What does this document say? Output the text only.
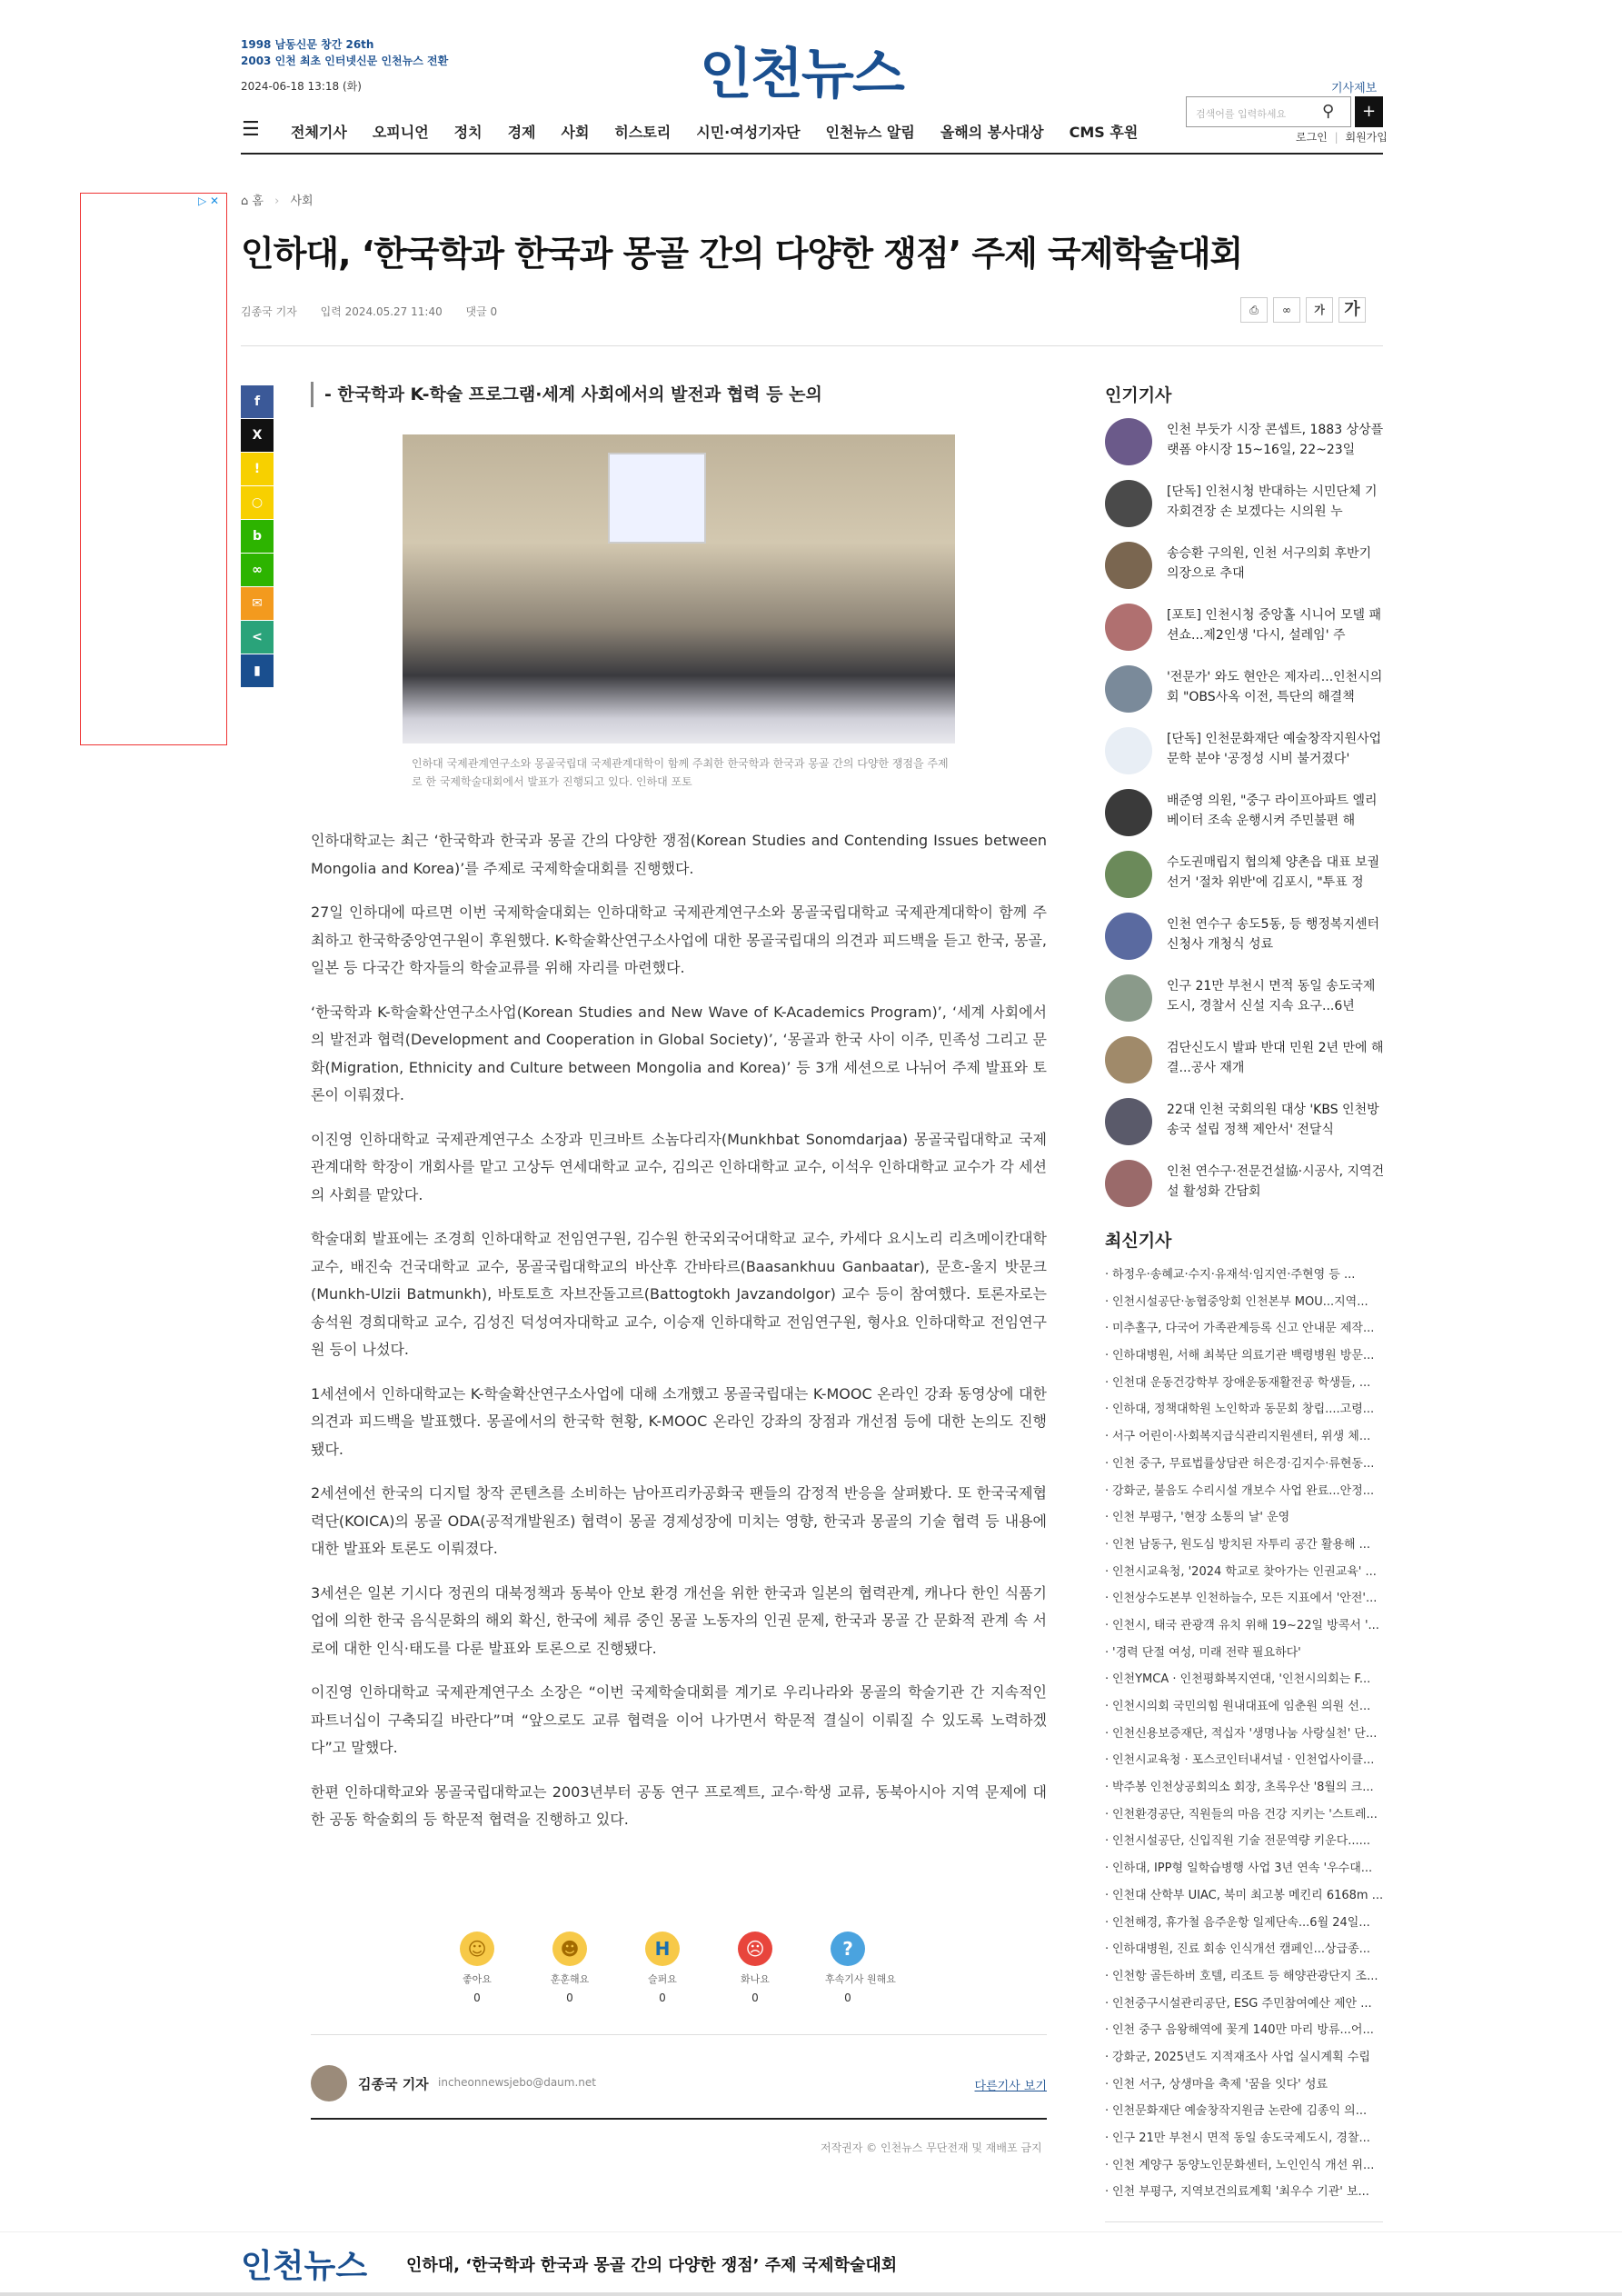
1998 남동신문 창간 26th
2003 인천 최초 인터넷신문 인천뉴스 전환
2024-06-18 13:18 (화)	인천뉴스	기사제보
검색어를 입력하세요	⚲	+
로그인 | 회원가입
☰ 전체기사 오피니언 정치 경제 사회 히스토리 시민·여성기자단 인천뉴스 알림 올해의 봉사대상 CMS 후원
▷ ✕ ⌂ 홈 › 사회
인하대, ‘한국학과 한국과 몽골 간의 다양한 쟁점’ 주제 국제학술대회
김종국 기자 입력 2024.05.27 11:40 댓글 0	⎙	∞	가	가
f
X
!
○
b
∞
✉
<
▮
- 한국학과 K-학술 프로그램·세계 사회에서의 발전과 협력 등 논의
인하대 국제관계연구소와 몽골국립대 국제관계대학이 함께 주최한 한국학과 한국과 몽골 간의 다양한 쟁점을 주제로 한 국제학술대회에서 발표가 진행되고 있다. 인하대 포토

인하대학교는 최근 ‘한국학과 한국과 몽골 간의 다양한 쟁점(Korean Studies and Contending Issues between Mongolia and Korea)’를 주제로 국제학술대회를 진행했다.

27일 인하대에 따르면 이번 국제학술대회는 인하대학교 국제관계연구소와 몽골국립대학교 국제관계대학이 함께 주최하고 한국학중앙연구원이 후원했다. K-학술확산연구소사업에 대한 몽골국립대의 의견과 피드백을 듣고 한국, 몽골, 일본 등 다국간 학자들의 학술교류를 위해 자리를 마련했다.

‘한국학과 K-학술확산연구소사업(Korean Studies and New Wave of K-Academics Program)’, ‘세계 사회에서의 발전과 협력(Development and Cooperation in Global Society)’, ‘몽골과 한국 사이 이주, 민족성 그리고 문화(Migration, Ethnicity and Culture between Mongolia and Korea)’ 등 3개 세션으로 나뉘어 주제 발표와 토론이 이뤄졌다.

이진영 인하대학교 국제관계연구소 소장과 민크바트 소놈다리자(Munkhbat Sonomdarjaa) 몽골국립대학교 국제관계대학 학장이 개회사를 맡고 고상두 연세대학교 교수, 김의곤 인하대학교 교수, 이석우 인하대학교 교수가 각 세션의 사회를 맡았다.

학술대회 발표에는 조경희 인하대학교 전임연구원, 김수원 한국외국어대학교 교수, 카세다 요시노리 리츠메이칸대학 교수, 배진숙 건국대학교 교수, 몽골국립대학교의 바산후 간바타르(Baasankhuu Ganbaatar), 문흐-울지 밧문크(Munkh-Ulzii Batmunkh), 바토토흐 자브잔돌고르(Battogtokh Javzandolgor) 교수 등이 참여했다. 토론자로는 송석원 경희대학교 교수, 김성진 덕성여자대학교 교수, 이승재 인하대학교 전임연구원, 형사요 인하대학교 전임연구원 등이 나섰다.

1세션에서 인하대학교는 K-학술확산연구소사업에 대해 소개했고 몽골국립대는 K-MOOC 온라인 강좌 동영상에 대한 의견과 피드백을 발표했다. 몽골에서의 한국학 현황, K-MOOC 온라인 강좌의 장점과 개선점 등에 대한 논의도 진행됐다.

2세션에선 한국의 디지털 창작 콘텐츠를 소비하는 남아프리카공화국 팬들의 감정적 반응을 살펴봤다. 또 한국국제협력단(KOICA)의 몽골 ODA(공적개발원조) 협력이 몽골 경제성장에 미치는 영향, 한국과 몽골의 기술 협력 등 내용에 대한 발표와 토론도 이뤄졌다.

3세션은 일본 기시다 정권의 대북정책과 동북아 안보 환경 개선을 위한 한국과 일본의 협력관계, 캐나다 한인 식품기업에 의한 한국 음식문화의 해외 확신, 한국에 체류 중인 몽골 노동자의 인권 문제, 한국과 몽골 간 문화적 관계 속 서로에 대한 인식·태도를 다룬 발표와 토론으로 진행됐다.

이진영 인하대학교 국제관계연구소 소장은 “이번 국제학술대회를 계기로 우리나라와 몽골의 학술기관 간 지속적인 파트너십이 구축되길 바란다”며 “앞으로도 교류 협력을 이어 나가면서 학문적 결실이 이뤄질 수 있도록 노력하겠다”고 말했다.

한편 인하대학교와 몽골국립대학교는 2003년부터 공동 연구 프로젝트, 교수·학생 교류, 동북아시아 지역 문제에 대한 공동 학술회의 등 학문적 협력을 진행하고 있다.

☺
좋아요
0
☻
훈훈해요
0
H
슬퍼요
0
☹
화나요
0
?
후속기사 원해요
0
김종국 기자 incheonnewsjebo@daum.net	다른기사 보기
저작권자 © 인천뉴스 무단전재 및 재배포 금지
인기기사
인천 부둣가 시장 콘셉트, 1883 상상플랫폼 야시장 15~16일, 22~23일
[단독] 인천시청 반대하는 시민단체 기자회견장 손 보겠다는 시의원 누
송승환 구의원, 인천 서구의회 후반기 의장으로 추대
[포토] 인천시청 중앙홀 시니어 모델 패션쇼...제2인생 '다시, 설레임' 주
'전문가' 와도 현안은 제자리...인천시의회 "OBS사옥 이전, 특단의 해결책
[단독] 인천문화재단 예술창작지원사업 문학 분야 '공정성 시비 불거졌다'
배준영 의원, "중구 라이프아파트 엘리베이터 조속 운행시켜 주민불편 해
수도권매립지 협의체 양촌읍 대표 보궐선거 '절차 위반'에 김포시, "투표 정
인천 연수구 송도5동, 등 행정복지센터 신청사 개청식 성료
인구 21만 부천시 면적 동일 송도국제도시, 경찰서 신설 지속 요구...6년
검단신도시 발파 반대 민원 2년 만에 해결...공사 재개
22대 인천 국회의원 대상 'KBS 인천방송국 설립 정책 제안서' 전달식
인천 연수구·전문건설協·시공사, 지역건설 활성화 간담회
최신기사
· 하정우·송혜교·수지·유재석·임지연·주현영 등 ...
· 인천시설공단·농협중앙회 인천본부 MOU...지역...
· 미추홀구, 다국어 가족관계등록 신고 안내문 제작...
· 인하대병원, 서해 최북단 의료기관 백령병원 방문...
· 인천대 운동건강학부 장애운동재활전공 학생들, ...
· 인하대, 정책대학원 노인학과 동문회 창립....고령...
· 서구 어린이·사회복지급식관리지원센터, 위생 체...
· 인천 중구, 무료법률상담관 허은경·김지수·류현동...
· 강화군, 불음도 수리시설 개보수 사업 완료...안정...
· 인천 부평구, '현장 소통의 날' 운영
· 인천 남동구, 원도심 방치된 자투리 공간 활용해 ...
· 인천시교육청, '2024 학교로 찾아가는 인권교육' ...
· 인천상수도본부 인천하늘수, 모든 지표에서 '안전'...
· 인천시, 태국 관광객 유치 위해 19~22일 방콕서 '...
· '경력 단절 여성, 미래 전략 필요하다'
· 인천YMCA · 인천평화복지연대, '인천시의회는 F...
· 인천시의회 국민의힘 원내대표에 임춘원 의원 선...
· 인천신용보증재단, 적십자 '생명나눔 사랑실천' 단...
· 인천시교육청 · 포스코인터내셔널 · 인천업사이클...
· 박주봉 인천상공회의소 회장, 초록우산 '8월의 크...
· 인천환경공단, 직원들의 마음 건강 지키는 '스트레...
· 인천시설공단, 신입직원 기술 전문역량 키운다......
· 인하대, IPP형 일학습병행 사업 3년 연속 '우수대...
· 인천대 산학부 UIAC, 북미 최고봉 메킨리 6168m ...
· 인천해경, 휴가철 음주운항 일제단속...6월 24일...
· 인하대병원, 진료 회송 인식개선 캠페인...상급종...
· 인천항 골든하버 호텔, 리조트 등 해양관광단지 조...
· 인천중구시설관리공단, ESG 주민참여예산 제안 ...
· 인천 중구 음왕해역에 꽃게 140만 마리 방류...어...
· 강화군, 2025년도 지적재조사 사업 실시계획 수립
· 인천 서구, 상생마을 축제 '꿈을 잇다' 성료
· 인천문화재단 예술창작지원금 논란에 김종익 의...
· 인구 21만 부천시 면적 동일 송도국제도시, 경찰...
· 인천 계양구 동양노인문화센터, 노인인식 개선 위...
· 인천 부평구, 지역보건의료계획 '최우수 기관' 보...
인천뉴스 인하대, ‘한국학과 한국과 몽골 간의 다양한 쟁점’ 주제 국제학술대회
